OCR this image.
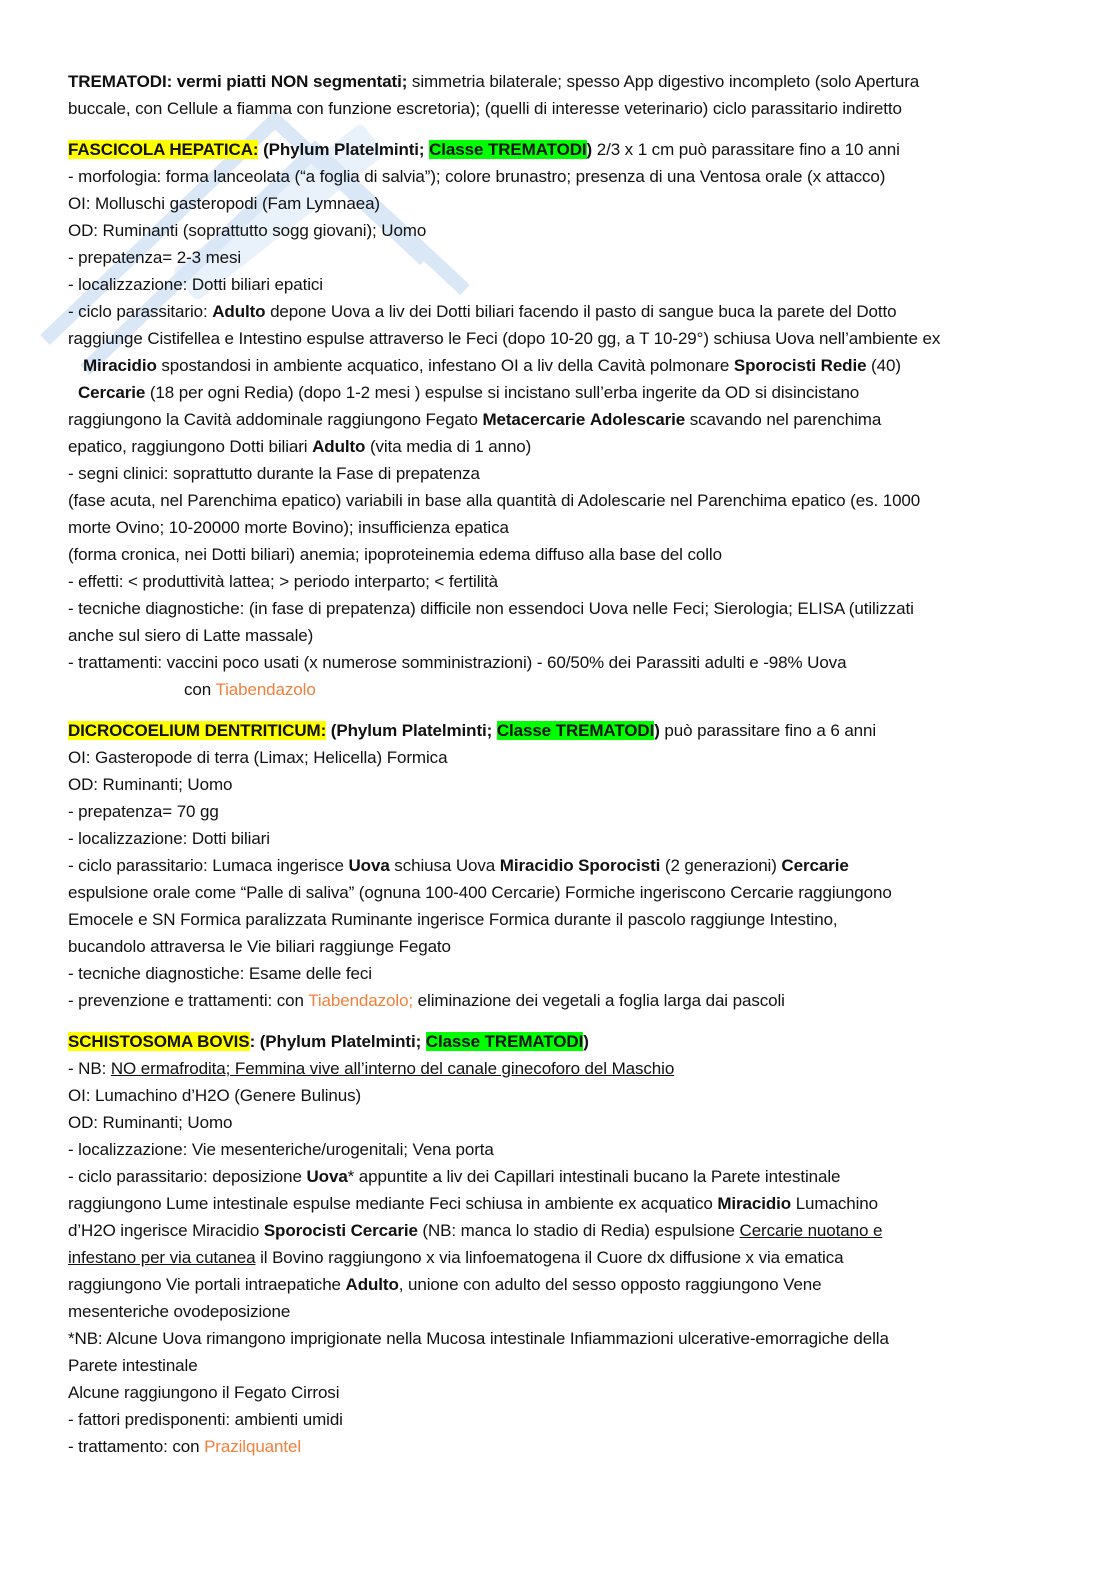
TREMATODI: vermi piatti NON segmentati; simmetria bilaterale; spesso App digestivo incompleto (solo Apertura
buccale, con Cellule a fiamma con funzione escretoria); (quelli di interesse veterinario) ciclo parassitario indiretto
FASCICOLA HEPATICA: (Phylum Platelminti; Classe TREMATODI) 2/3 x 1 cm può parassitare fino a 10 anni
- morfologia: forma lanceolata (“a foglia di salvia”); colore brunastro; presenza di una Ventosa orale (x attacco)
OI: Molluschi gasteropodi (Fam Lymnaea)
OD: Ruminanti (soprattutto sogg giovani); Uomo
- prepatenza= 2-3 mesi
- localizzazione: Dotti biliari epatici
- ciclo parassitario: Adulto depone Uova a liv dei Dotti biliari facendo il pasto di sangue buca la parete del Dotto
raggiunge Cistifellea e Intestino espulse attraverso le Feci (dopo 10-20 gg, a T 10-29°) schiusa Uova nell’ambiente ex
Miracidio spostandosi in ambiente acquatico, infestano OI a liv della Cavità polmonare Sporocisti Redie (40)
Cercarie (18 per ogni Redia) (dopo 1-2 mesi ) espulse si incistano sull’erba ingerite da OD si disincistano
raggiungono la Cavità addominale raggiungono Fegato Metacercarie Adolescarie scavando nel parenchima
epatico, raggiungono Dotti biliari Adulto (vita media di 1 anno)
- segni clinici: soprattutto durante la Fase di prepatenza
(fase acuta, nel Parenchima epatico) variabili in base alla quantità di Adolescarie nel Parenchima epatico (es. 1000
morte Ovino; 10-20000 morte Bovino); insufficienza epatica
(forma cronica, nei Dotti biliari) anemia; ipoproteinemia edema diffuso alla base del collo
- effetti: < produttività lattea; > periodo interparto; < fertilità
- tecniche diagnostiche: (in fase di prepatenza) difficile non essendoci Uova nelle Feci; Sierologia; ELISA (utilizzati
anche sul siero di Latte massale)
- trattamenti: vaccini poco usati (x numerose somministrazioni) - 60/50% dei Parassiti adulti e -98% Uova
con Tiabendazolo
DICROCOELIUM DENTRITICUM: (Phylum Platelminti; Classe TREMATODI) può parassitare fino a 6 anni
OI: Gasteropode di terra (Limax; Helicella) Formica
OD: Ruminanti; Uomo
- prepatenza= 70 gg
- localizzazione: Dotti biliari
- ciclo parassitario: Lumaca ingerisce Uova schiusa Uova Miracidio Sporocisti (2 generazioni) Cercarie
espulsione orale come “Palle di saliva” (ognuna 100-400 Cercarie) Formiche ingeriscono Cercarie raggiungono
Emocele e SN Formica paralizzata Ruminante ingerisce Formica durante il pascolo raggiunge Intestino,
bucandolo attraversa le Vie biliari raggiunge Fegato
- tecniche diagnostiche: Esame delle feci
- prevenzione e trattamenti: con Tiabendazolo; eliminazione dei vegetali a foglia larga dai pascoli
SCHISTOSOMA BOVIS: (Phylum Platelminti; Classe TREMATODI)
- NB: NO ermafrodita; Femmina vive all’interno del canale ginecoforo del Maschio
OI: Lumachino d’H2O (Genere Bulinus)
OD: Ruminanti; Uomo
- localizzazione: Vie mesenteriche/urogenitali; Vena porta
- ciclo parassitario: deposizione Uova* appuntite a liv dei Capillari intestinali bucano la Parete intestinale
raggiungono Lume intestinale espulse mediante Feci schiusa in ambiente ex acquatico Miracidio Lumachino
d’H2O ingerisce Miracidio Sporocisti Cercarie (NB: manca lo stadio di Redia) espulsione Cercarie nuotano e
infestano per via cutanea il Bovino raggiungono x via linfoematogena il Cuore dx diffusione x via ematica
raggiungono Vie portali intraepatiche Adulto, unione con adulto del sesso opposto raggiungono Vene
mesenteriche ovodeposizione
*NB: Alcune Uova rimangono imprigionate nella Mucosa intestinale Infiammazioni ulcerative-emorragiche della
Parete intestinale
Alcune raggiungono il Fegato Cirrosi
- fattori predisponenti: ambienti umidi
- trattamento: con Prazilquantel
